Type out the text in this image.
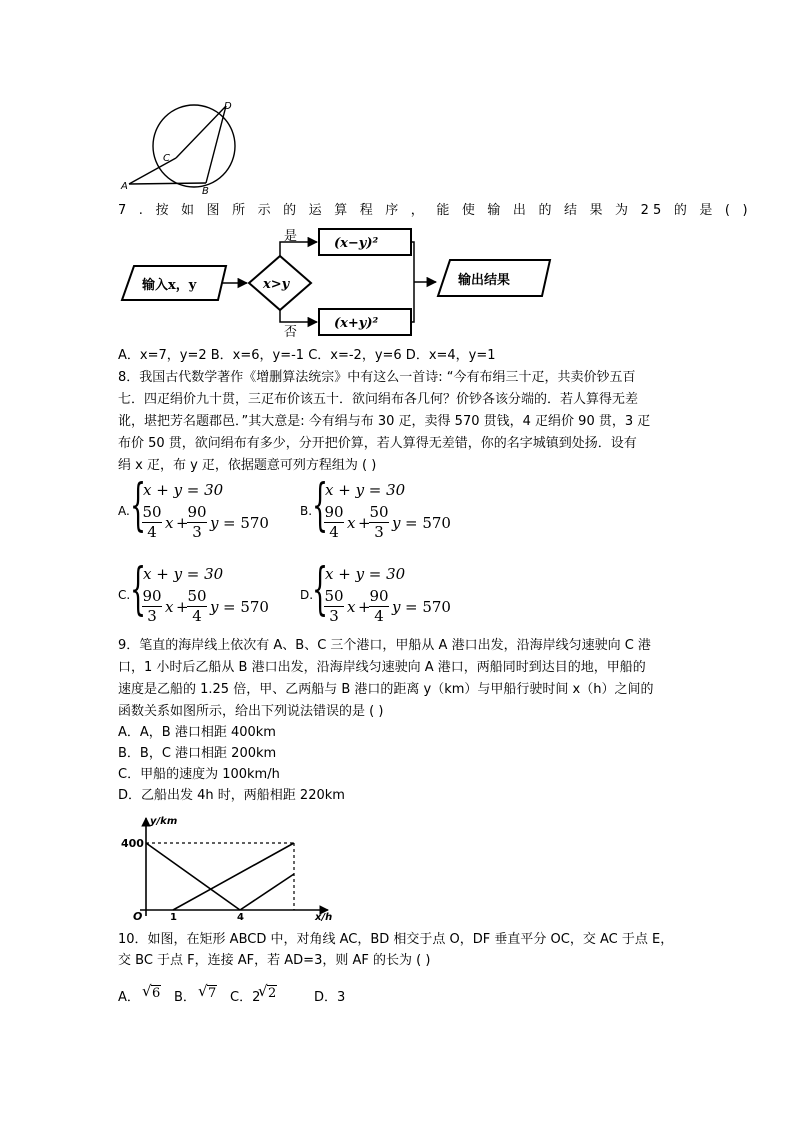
A	B
C
D
7 . 按 如 图 所 示 的 运 算 程 序 ， 能 使 输 出 的 结 果 为 25 的 是 ( )
输入x，y	x>y
是
否
(x−y)²
(x+y)²
输出结果
A．x=7，y=2 B．x=6，y=-1 C．x=-2，y=6 D．x=4，y=1
8．我国古代数学著作《增删算法统宗》中有这么一首诗: “今有布绢三十疋，共卖价钞五百
七．四疋绢价九十贯，三疋布价该五十．欲问绢布各几何？价钞各该分端的．若人算得无差
讹，堪把芳名题郡邑．”其大意是: 今有绢与布 30 疋，卖得 570 贯钱，4 疋绢价 90 贯，3 疋
布价 50 贯，欲问绢布有多少，分开把价算，若人算得无差错，你的名字城镇到处扬．设有
绢 x 疋，布 y 疋，依据题意可列方程组为 ( )
A. {
x + y = 30
50
4 x +
90
3 y = 570
B. {
x + y = 30
90
4 x +
50
3 y = 570
C. {
x + y = 30
90
3 x +
50
4 y = 570
D.
{
x + y = 30
50
3 x +
90
4 y = 570
9．笔直的海岸线上依次有 A、B、C 三个港口，甲船从 A 港口出发，沿海岸线匀速驶向 C 港
口，1 小时后乙船从 B 港口出发，沿海岸线匀速驶向 A 港口，两船同时到达目的地，甲船的
速度是乙船的 1.25 倍，甲、乙两船与 B 港口的距离 y（km）与甲船行驶时间 x（h）之间的
函数关系如图所示，给出下列说法错误的是 ( )
A．A，B 港口相距 400km
B．B，C 港口相距 200km
C．甲船的速度为 100km/h
D．乙船出发 4h 时，两船相距 220km
y/km
x/h
O
400
1	4
10．如图，在矩形 ABCD 中，对角线 AC，BD 相交于点 O，DF 垂直平分 OC，交 AC 于点 E，
交 BC 于点 F，连接 AF，若 AD=3，则 AF 的长为 ( )
A． √ 6 B． √ 7 C．2
√ 2	D．3
